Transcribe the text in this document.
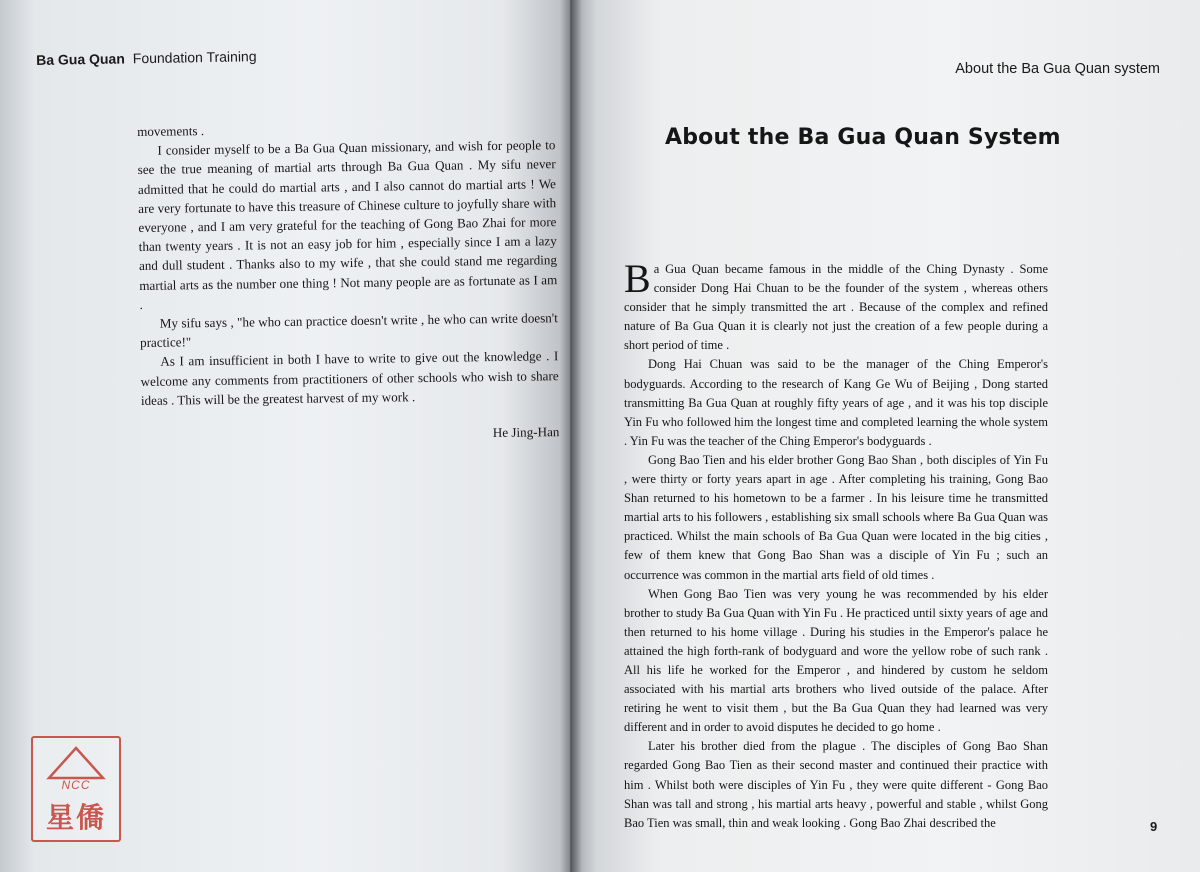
Ba Gua Quan Foundation Training

movements .

I consider myself to be a Ba Gua Quan missionary, and wish for people to see the true meaning of martial arts through Ba Gua Quan . My sifu never admitted that he could do martial arts , and I also cannot do martial arts ! We are very fortunate to have this treasure of Chinese culture to joyfully share with everyone , and I am very grateful for the teaching of Gong Bao Zhai for more than twenty years . It is not an easy job for him , especially since I am a lazy and dull student . Thanks also to my wife , that she could stand me regarding martial arts as the number one thing ! Not many people are as fortunate as I am .

My sifu says , "he who can practice doesn't write , he who can write doesn't practice!"

As I am insufficient in both I have to write to give out the knowledge . I welcome any comments from practitioners of other schools who wish to share ideas . This will be the greatest harvest of my work .

He Jing-Han
NCC
星僑
About the Ba Gua Quan system
About the Ba Gua Quan System

Ba Gua Quan became famous in the middle of the Ching Dynasty . Some consider Dong Hai Chuan to be the founder of the system , whereas others consider that he simply transmitted the art . Because of the complex and refined nature of Ba Gua Quan it is clearly not just the creation of a few people during a short period of time .

Dong Hai Chuan was said to be the manager of the Ching Emperor's bodyguards. According to the research of Kang Ge Wu of Beijing , Dong started transmitting Ba Gua Quan at roughly fifty years of age , and it was his top disciple Yin Fu who followed him the longest time and completed learning the whole system . Yin Fu was the teacher of the Ching Emperor's bodyguards .

Gong Bao Tien and his elder brother Gong Bao Shan , both disciples of Yin Fu , were thirty or forty years apart in age . After completing his training, Gong Bao Shan returned to his hometown to be a farmer . In his leisure time he transmitted martial arts to his followers , establishing six small schools where Ba Gua Quan was practiced. Whilst the main schools of Ba Gua Quan were located in the big cities , few of them knew that Gong Bao Shan was a disciple of Yin Fu ; such an occurrence was common in the martial arts field of old times .

When Gong Bao Tien was very young he was recommended by his elder brother to study Ba Gua Quan with Yin Fu . He practiced until sixty years of age and then returned to his home village . During his studies in the Emperor's palace he attained the high forth-rank of bodyguard and wore the yellow robe of such rank . All his life he worked for the Emperor , and hindered by custom he seldom associated with his martial arts brothers who lived outside of the palace. After retiring he went to visit them , but the Ba Gua Quan they had learned was very different and in order to avoid disputes he decided to go home .

Later his brother died from the plague . The disciples of Gong Bao Shan regarded Gong Bao Tien as their second master and continued their practice with him . Whilst both were disciples of Yin Fu , they were quite different - Gong Bao Shan was tall and strong , his martial arts heavy , powerful and stable , whilst Gong Bao Tien was small, thin and weak looking . Gong Bao Zhai described the	9
